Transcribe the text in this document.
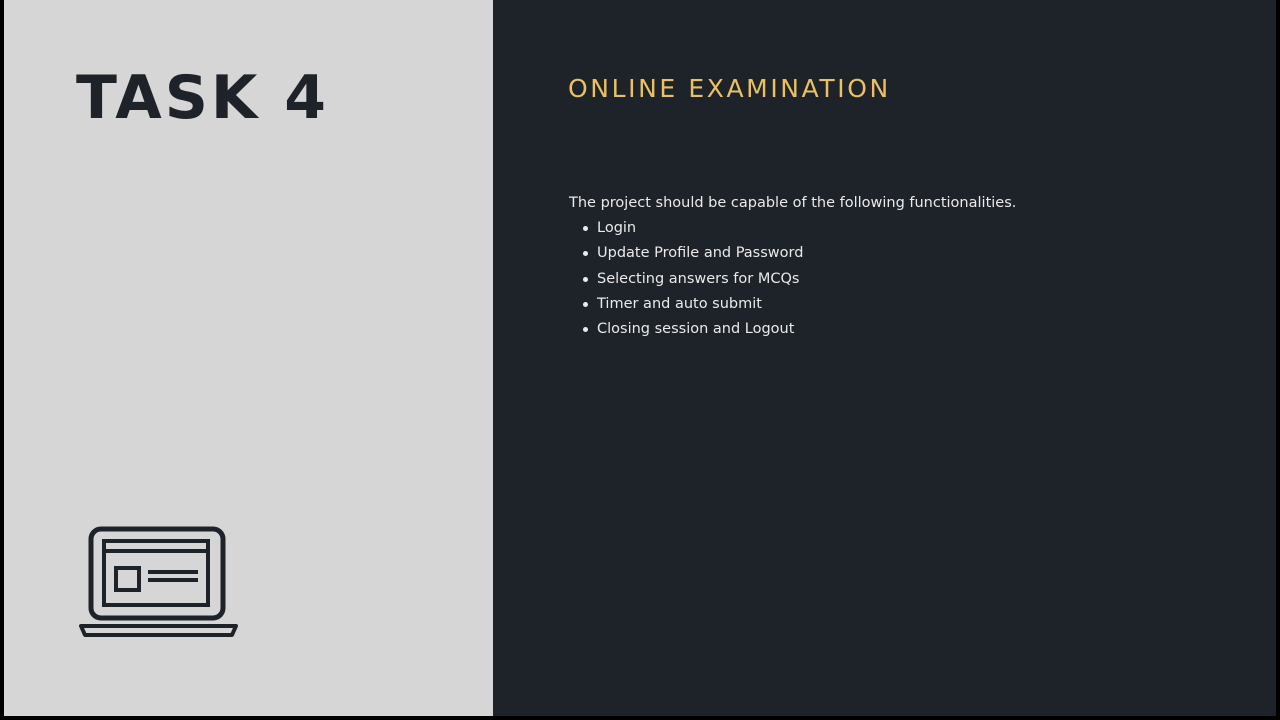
TASK 4	ONLINE EXAMINATION

The project should be capable of the following functionalities.

Login
Update Profile and Password
Selecting answers for MCQs
Timer and auto submit
Closing session and Logout
